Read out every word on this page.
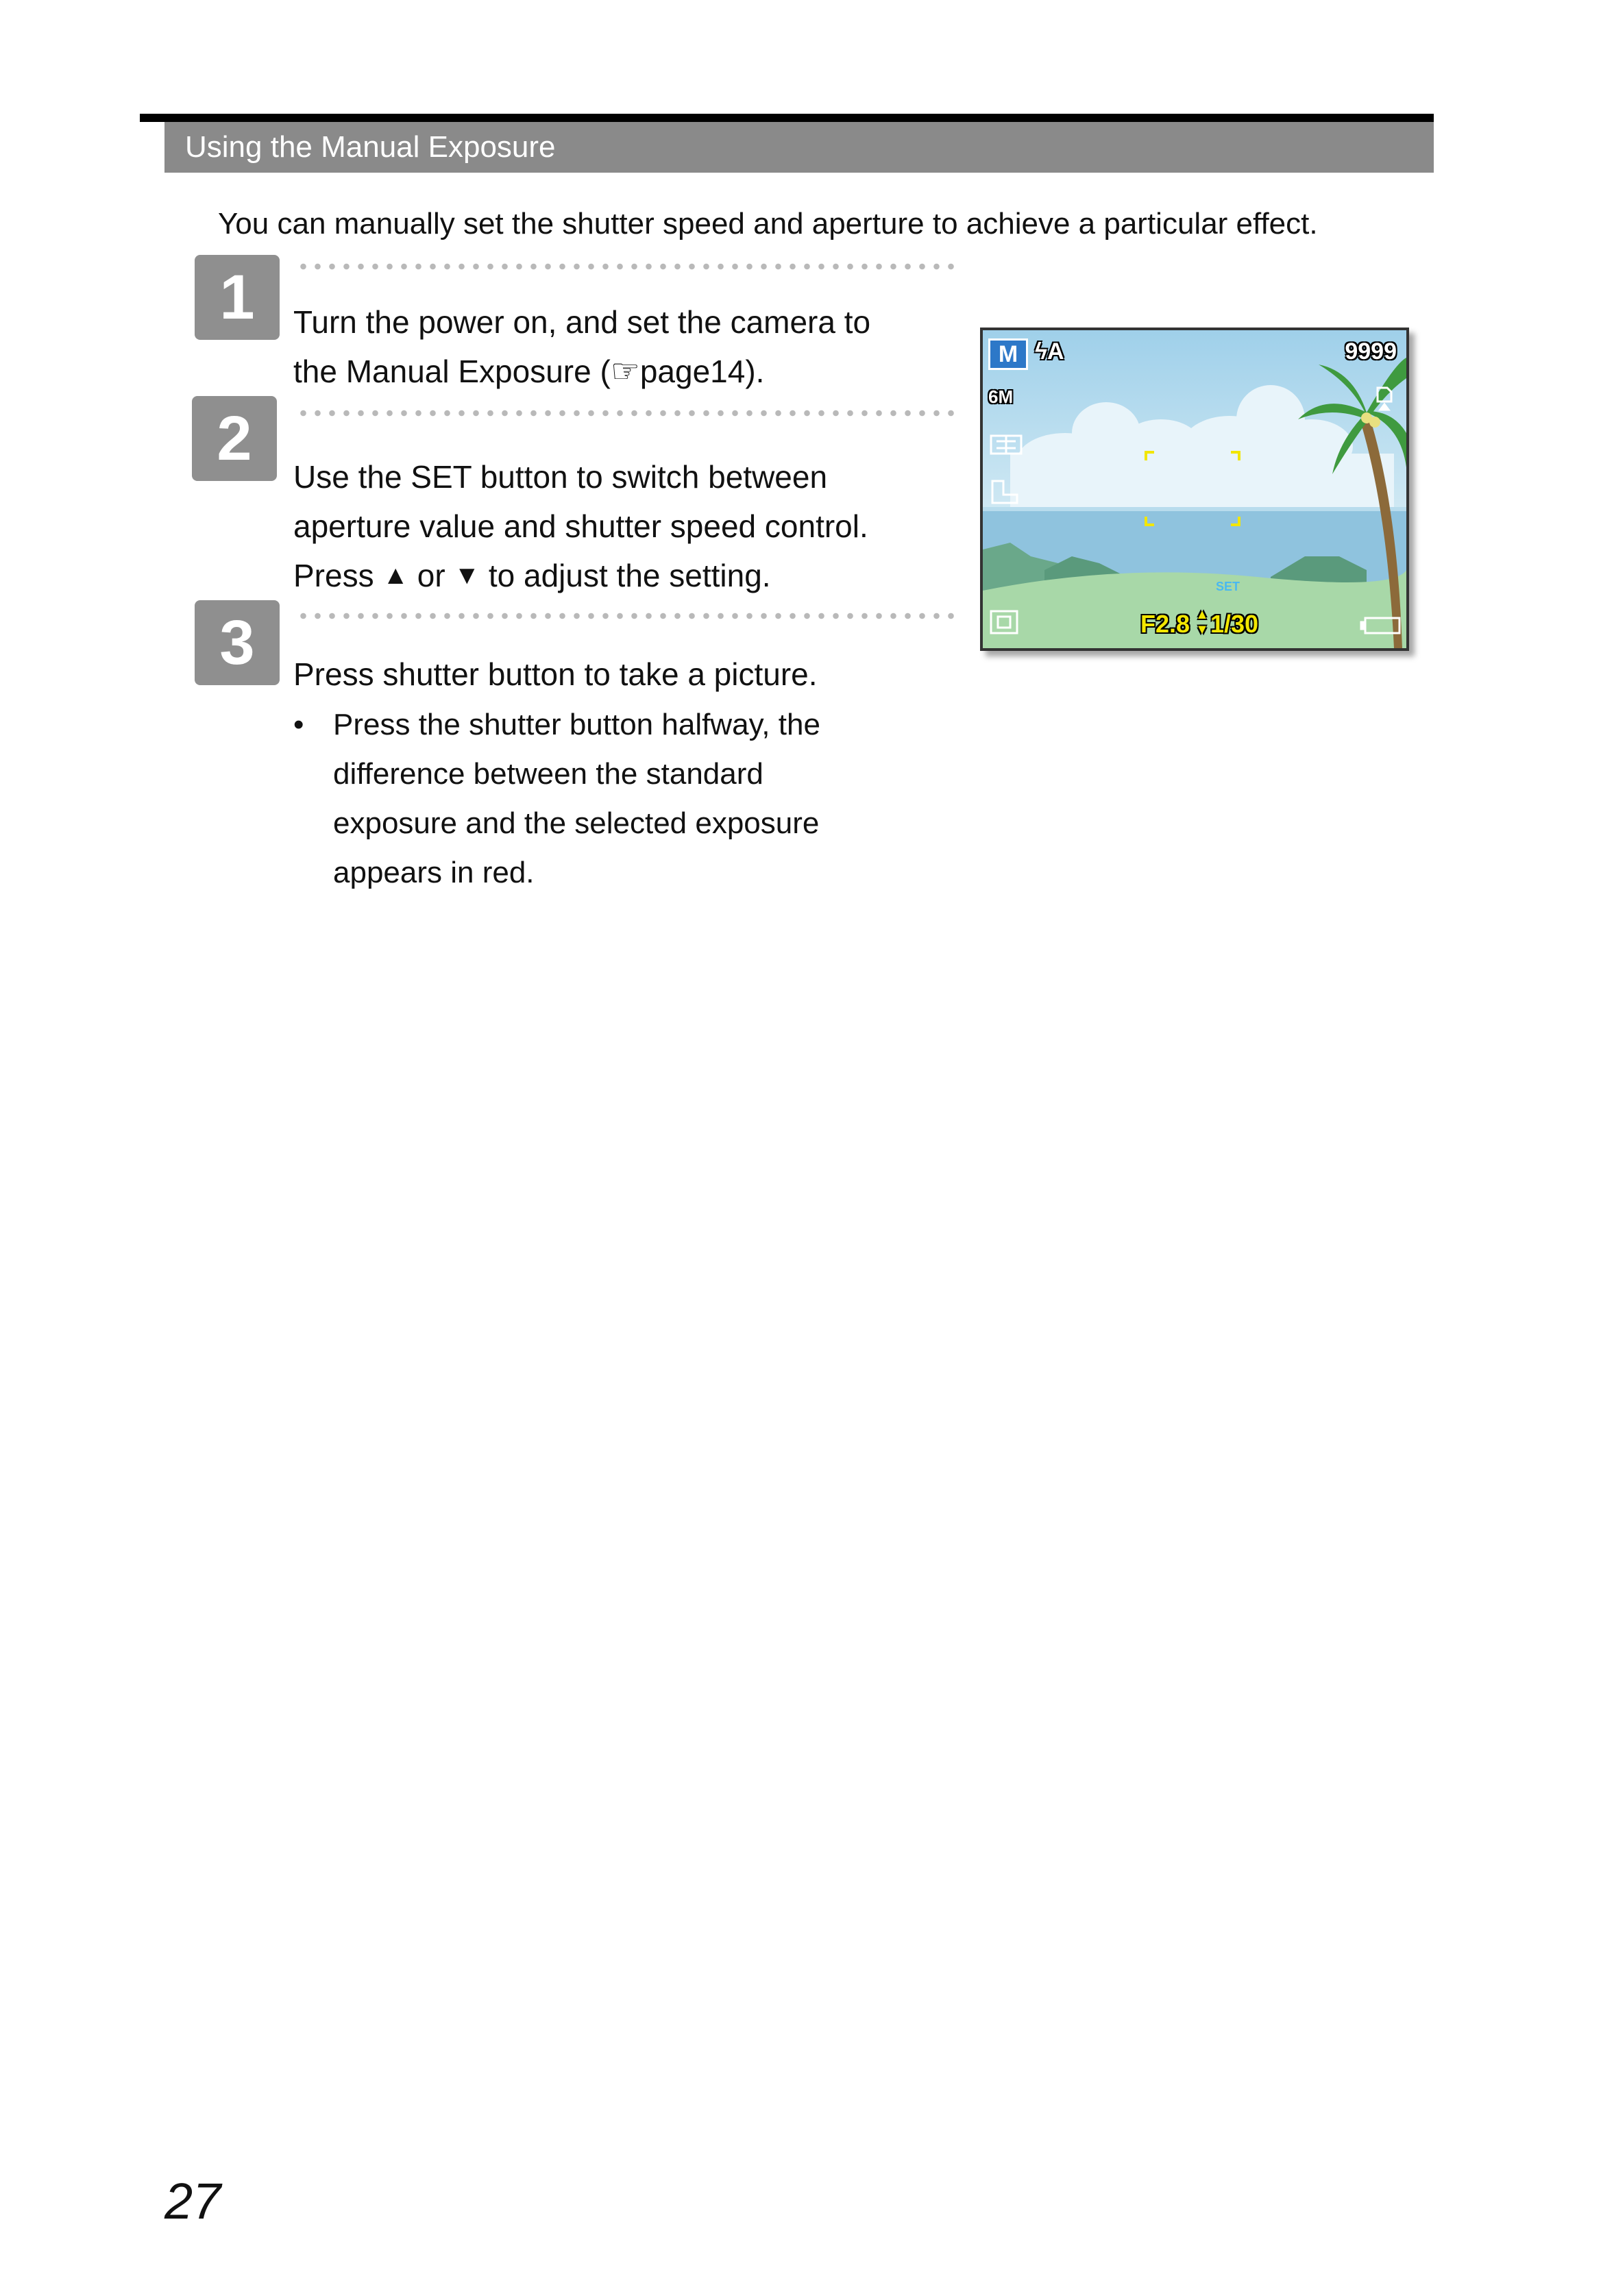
Using the Manual Exposure
You can manually set the shutter speed and aperture to achieve a particular effect.
1	Turn the power on, and set the camera to
the Manual Exposure (☞page14).
2
Use the SET button to switch between
aperture value and shutter speed control.
Press ▲ or ▼ to adjust the setting.
3	Press shutter button to take a picture.
• Press the shutter button halfway, the
difference between the standard
exposure and the selected exposure
appears in red.
M ϟA	9999
6M
F2.8 ▲▼ 1/30
SET
27
